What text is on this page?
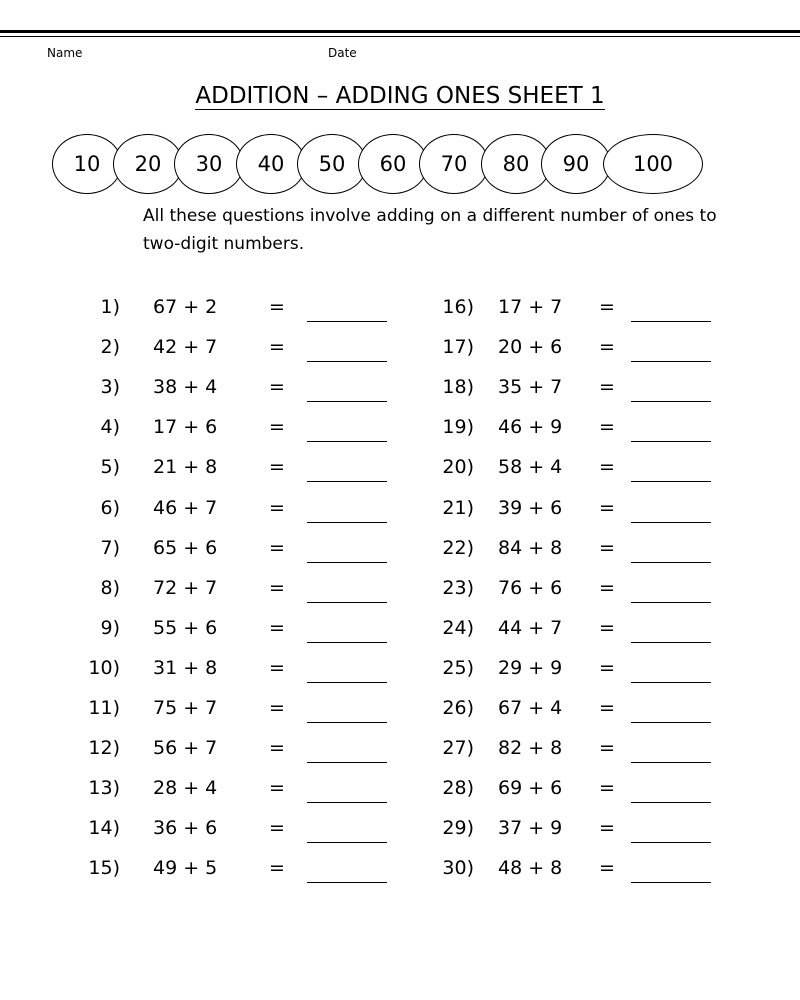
Name	Date
ADDITION – ADDING ONES SHEET 1
10	20	30	40	50	60	70	80	90	100
All these questions involve adding on a different number of ones to
two-digit numbers.
1) 67 + 2	=
2) 42 + 7	=
3) 38 + 4	=
4) 17 + 6	=
5) 21 + 8	=
6) 46 + 7	=
7) 65 + 6	=
8) 72 + 7	=
9) 55 + 6	=
10) 31 + 8	=
11) 75 + 7	=
12) 56 + 7	=
13) 28 + 4	=
14) 36 + 6	=
15) 49 + 5	=
16) 17 + 7 =
17) 20 + 6 =
18) 35 + 7 =
19) 46 + 9 =
20) 58 + 4 =
21) 39 + 6 =
22) 84 + 8 =
23) 76 + 6 =
24) 44 + 7 =
25) 29 + 9 =
26) 67 + 4 =
27) 82 + 8 =
28) 69 + 6 =
29) 37 + 9 =
30) 48 + 8 =
